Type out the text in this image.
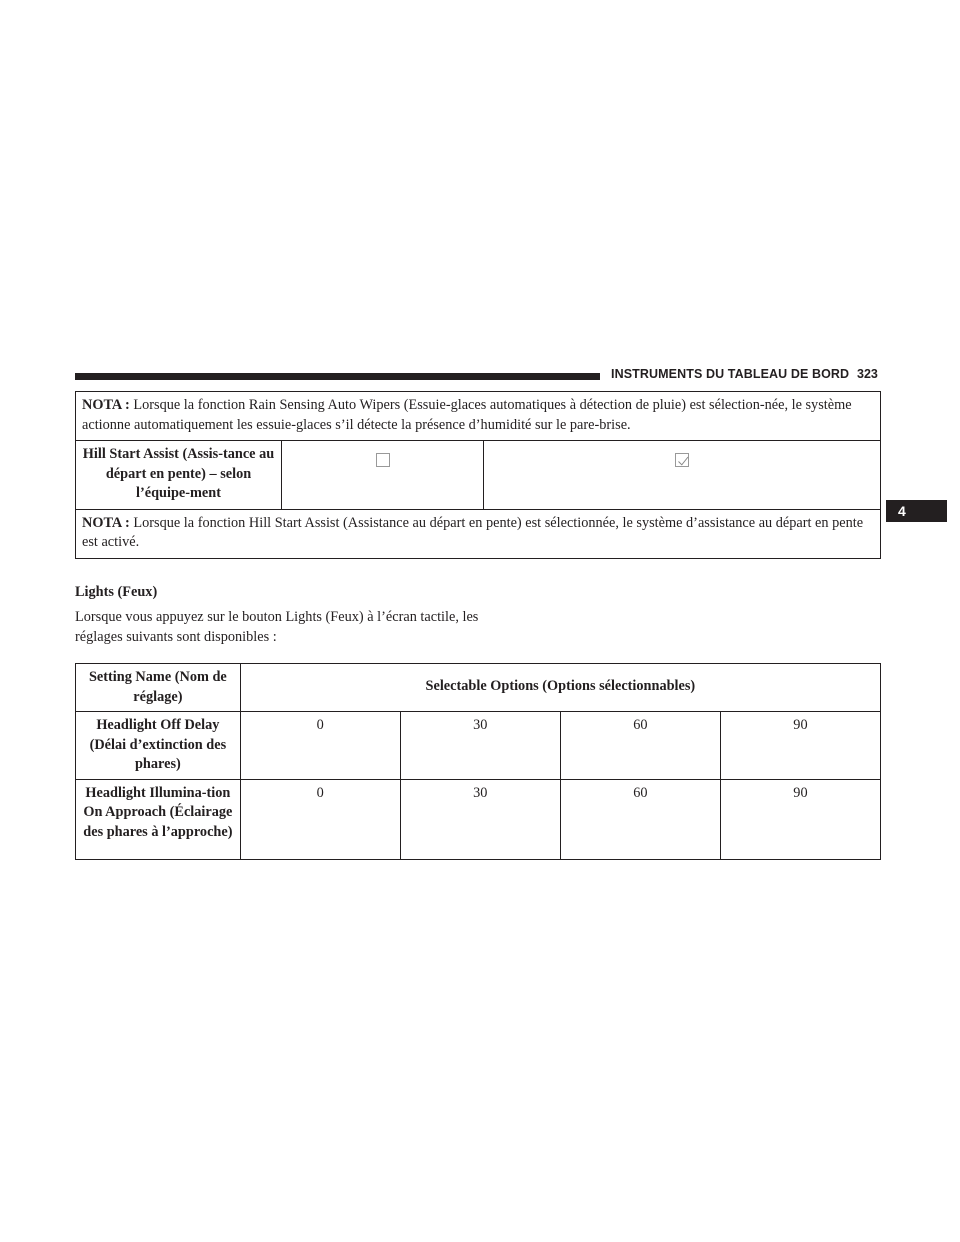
INSTRUMENTS DU TABLEAU DE BORD 323
4
NOTA : Lorsque la fonction Rain Sensing Auto Wipers (Essuie-glaces automatiques à détection de pluie) est sélection-née, le système actionne automatiquement les essuie-glaces s’il détecte la présence d’humidité sur le pare-brise.
Hill Start Assist (Assis-tance au départ en pente) – selon l’équipe-ment		

NOTA : Lorsque la fonction Hill Start Assist (Assistance au départ en pente) est sélectionnée, le système d’assistance au départ en pente est activé.
Lights (Feux)
Lorsque vous appuyez sur le bouton Lights (Feux) à l’écran tactile, les réglages suivants sont disponibles :
Setting Name (Nom de réglage)	Selectable Options (Options sélectionnables)			
Headlight Off Delay (Délai d’extinction des phares)	0	30	60	90
Headlight Illumina-tion On Approach (Éclairage des phares à l’approche)	0	30	60	90
